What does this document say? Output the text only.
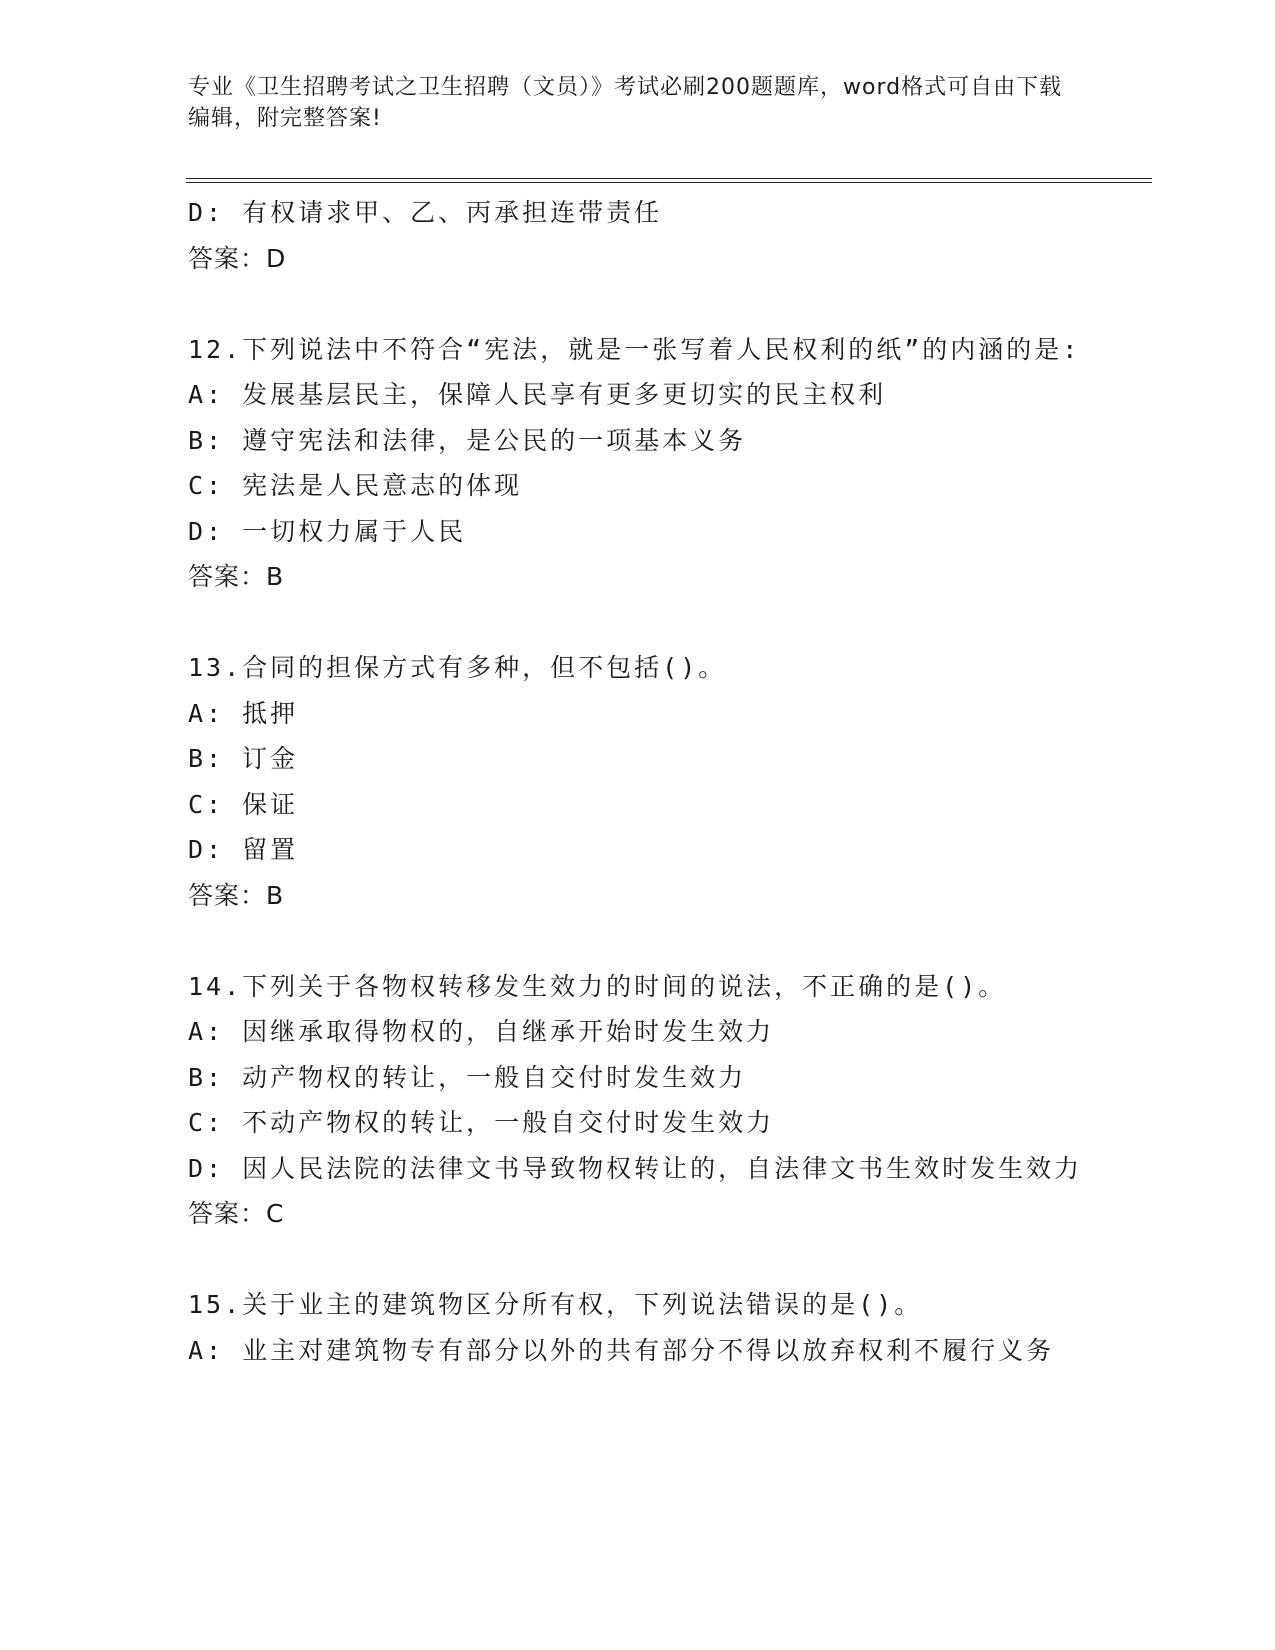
专业《卫生招聘考试之卫生招聘（文员）》考试必刷200题题库，word格式可自由下载编辑，附完整答案!
D: 有权请求甲、乙、丙承担连带责任
答案：D
12.下列说法中不符合“宪法，就是一张写着人民权利的纸”的内涵的是:
A: 发展基层民主，保障人民享有更多更切实的民主权利
B: 遵守宪法和法律，是公民的一项基本义务
C: 宪法是人民意志的体现
D: 一切权力属于人民
答案：B
13.合同的担保方式有多种，但不包括()。
A: 抵押
B: 订金
C: 保证
D: 留置
答案：B
14.下列关于各物权转移发生效力的时间的说法，不正确的是()。
A: 因继承取得物权的，自继承开始时发生效力
B: 动产物权的转让，一般自交付时发生效力
C: 不动产物权的转让，一般自交付时发生效力
D: 因人民法院的法律文书导致物权转让的，自法律文书生效时发生效力
答案：C
15.关于业主的建筑物区分所有权，下列说法错误的是()。
A: 业主对建筑物专有部分以外的共有部分不得以放弃权利不履行义务
